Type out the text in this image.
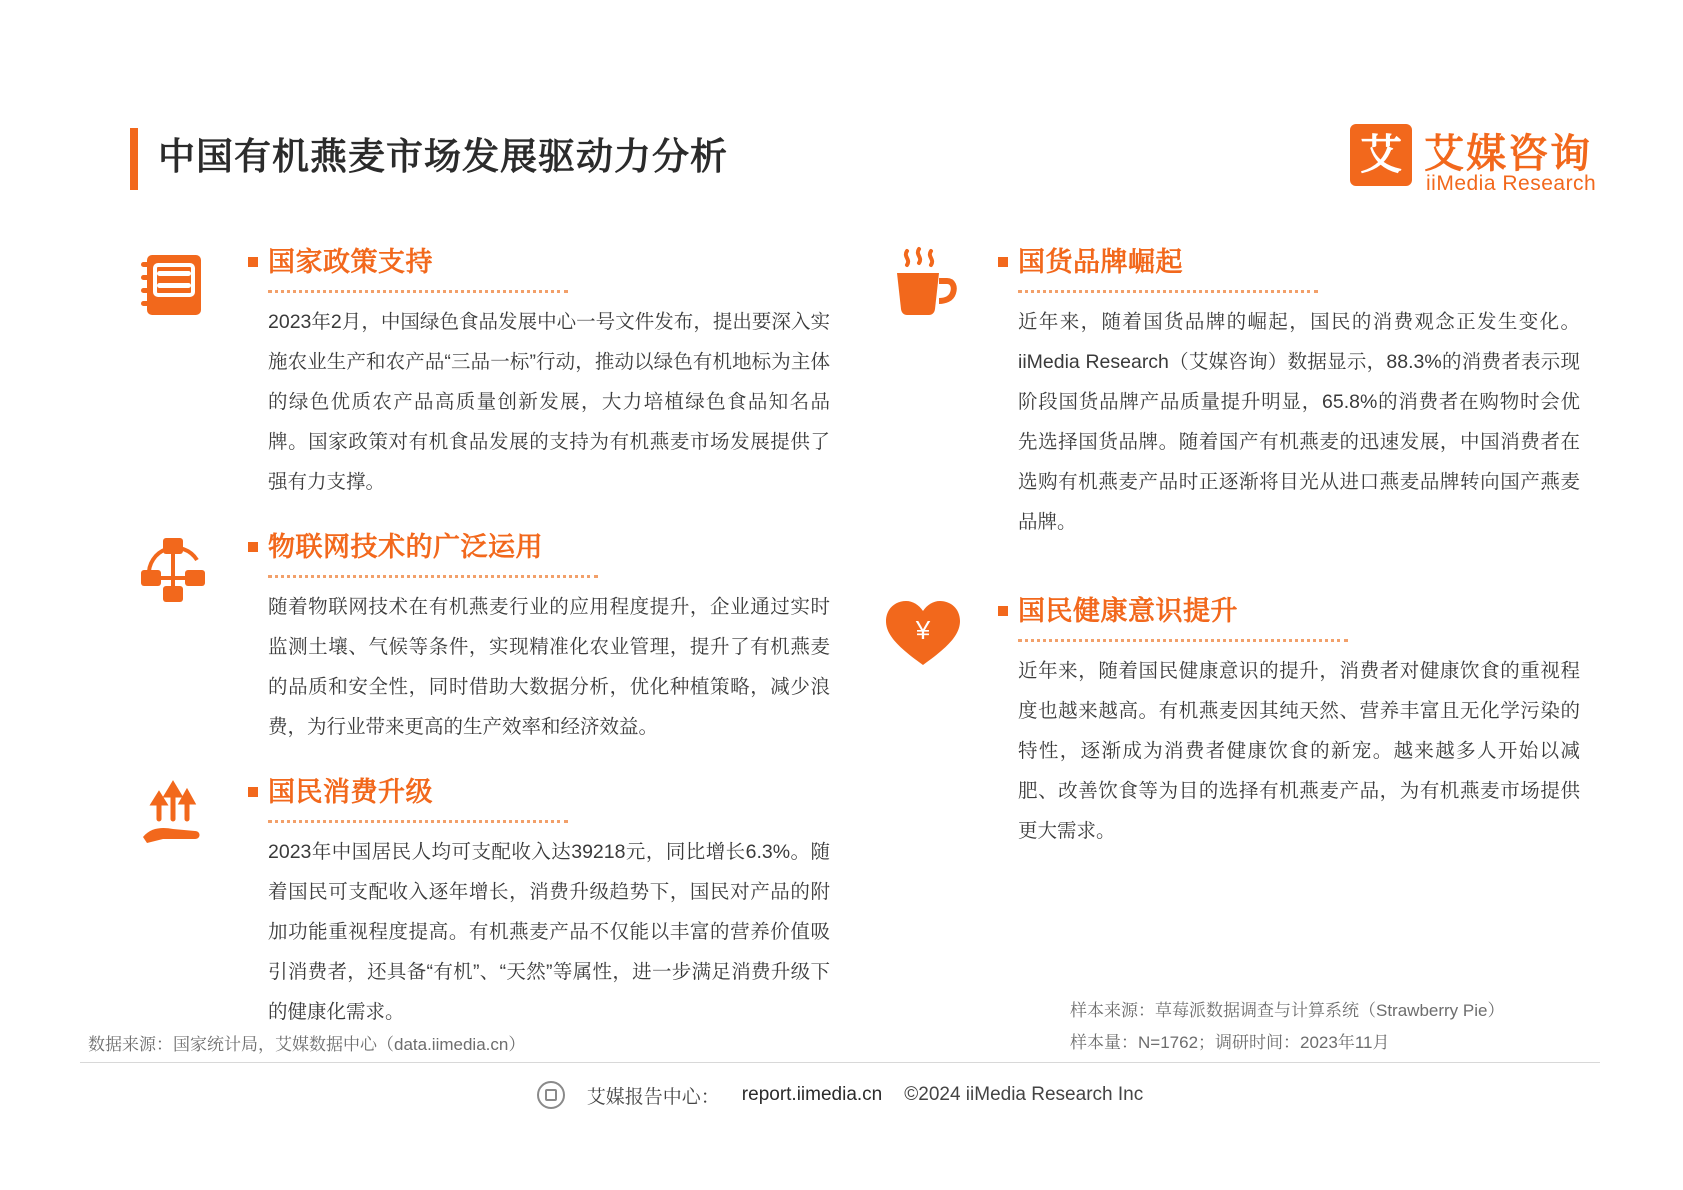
中国有机燕麦市场发展驱动力分析	艾 艾媒咨询
iiMedia Research
国家政策支持
2023年2月，中国绿色食品发展中心一号文件发布，提出要深入实施农业生产和农产品“三品一标”行动，推动以绿色有机地标为主体的绿色优质农产品高质量创新发展，大力培植绿色食品知名品牌。国家政策对有机食品发展的支持为有机燕麦市场发展提供了强有力支撑。
物联网技术的广泛运用
随着物联网技术在有机燕麦行业的应用程度提升，企业通过实时监测土壤、气候等条件，实现精准化农业管理，提升了有机燕麦的品质和安全性，同时借助大数据分析，优化种植策略，减少浪费，为行业带来更高的生产效率和经济效益。
国民消费升级
2023年中国居民人均可支配收入达39218元，同比增长6.3%。随着国民可支配收入逐年增长，消费升级趋势下，国民对产品的附加功能重视程度提高。有机燕麦产品不仅能以丰富的营养价值吸引消费者，还具备“有机”、“天然”等属性，进一步满足消费升级下的健康化需求。
国货品牌崛起
近年来，随着国货品牌的崛起，国民的消费观念正发生变化。iiMedia Research（艾媒咨询）数据显示，88.3%的消费者表示现阶段国货品牌产品质量提升明显，65.8%的消费者在购物时会优先选择国货品牌。随着国产有机燕麦的迅速发展，中国消费者在选购有机燕麦产品时正逐渐将目光从进口燕麦品牌转向国产燕麦品牌。
¥
国民健康意识提升
近年来，随着国民健康意识的提升，消费者对健康饮食的重视程度也越来越高。有机燕麦因其纯天然、营养丰富且无化学污染的特性，逐渐成为消费者健康饮食的新宠。越来越多人开始以减肥、改善饮食等为目的选择有机燕麦产品，为有机燕麦市场提供更大需求。
数据来源：国家统计局，艾媒数据中心（data.iimedia.cn）
样本来源：草莓派数据调查与计算系统（Strawberry Pie）
样本量：N=1762；调研时间：2023年11月
艾媒报告中心： report.iimedia.cn ©2024 iiMedia Research Inc
